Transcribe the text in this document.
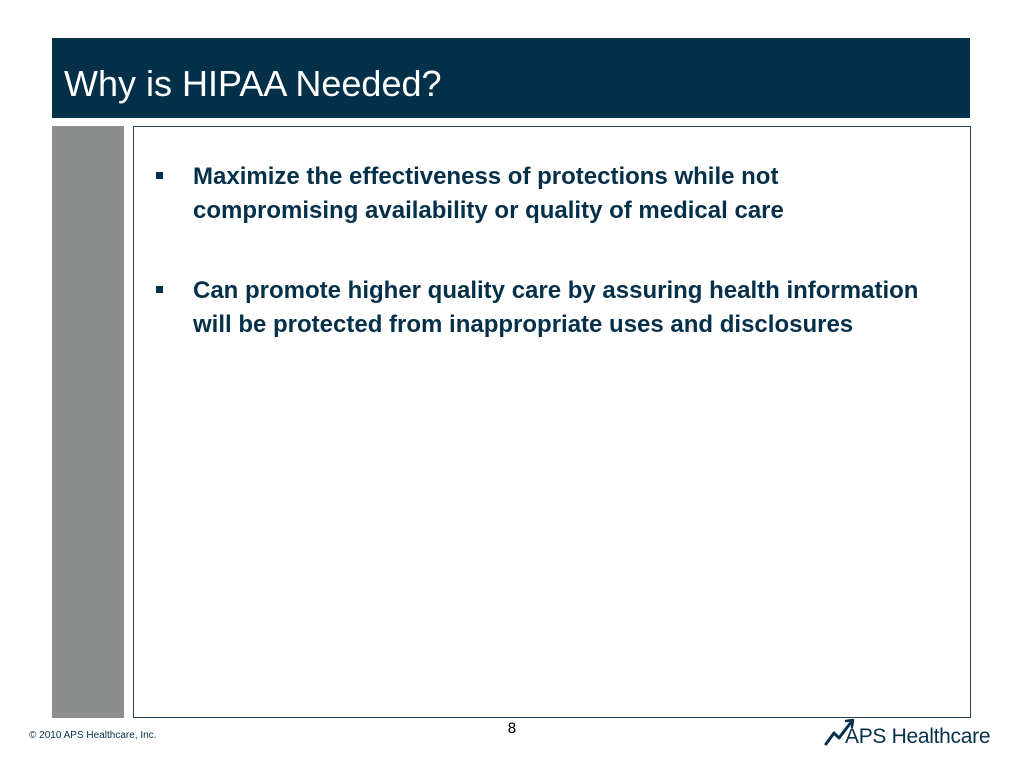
Why is HIPAA Needed?
Maximize the effectiveness of protections while not compromising availability or quality of medical care
Can promote higher quality care by assuring health information will be protected from inappropriate uses and disclosures
© 2010 APS Healthcare, Inc.	8	APS Healthcare
